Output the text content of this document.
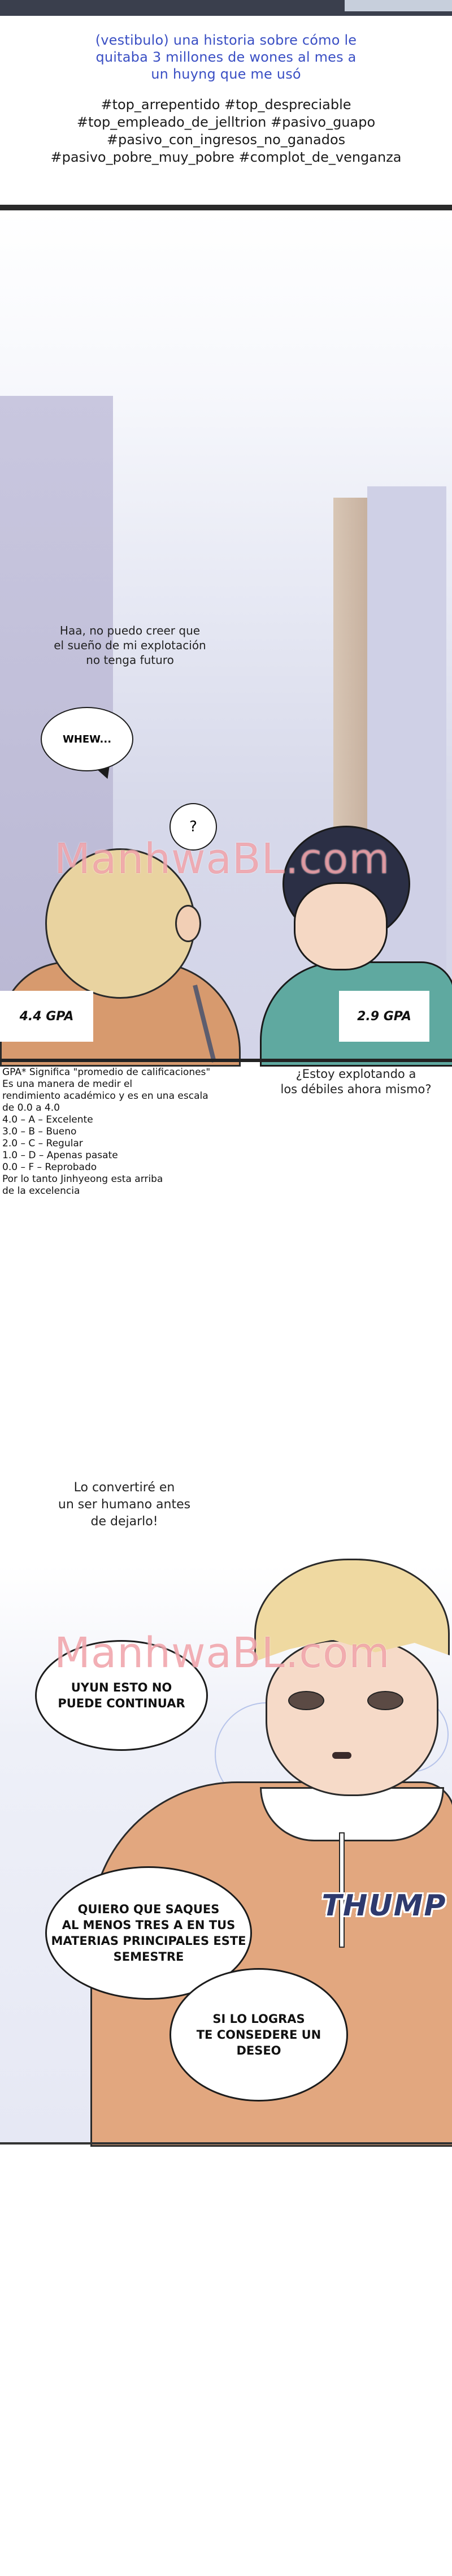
(vestibulo) una historia sobre cómo le
quitaba 3 millones de wones al mes a
un huyng que me usó
#top_arrepentido #top_despreciable
#top_empleado_de_jelltrion #pasivo_guapo
#pasivo_con_ingresos_no_ganados
#pasivo_pobre_muy_pobre #complot_de_venganza
Haa, no puedo creer que
el sueño de mi explotación
no tenga futuro
WHEW...
?
ManhwaBL.com
4.4 GPA	2.9 GPA
GPA* Significa "promedio de calificaciones"
Es una manera de medir el
rendimiento académico y es en una escala
de 0.0 a 4.0
4.0 – A – Excelente
3.0 – B – Bueno
2.0 – C – Regular
1.0 – D – Apenas pasate
0.0 – F – Reprobado
Por lo tanto Jinhyeong esta arriba
de la excelencia
¿Estoy explotando a
los débiles ahora mismo?
Lo convertiré en
un ser humano antes
de dejarlo!
UYUN ESTO NO
PUEDE CONTINUAR
ManhwaBL.com
QUIERO QUE SAQUES
AL MENOS TRES A EN TUS
MATERIAS PRINCIPALES ESTE
SEMESTRE
THUMP
SI LO LOGRAS
TE CONSEDERE UN
DESEO
